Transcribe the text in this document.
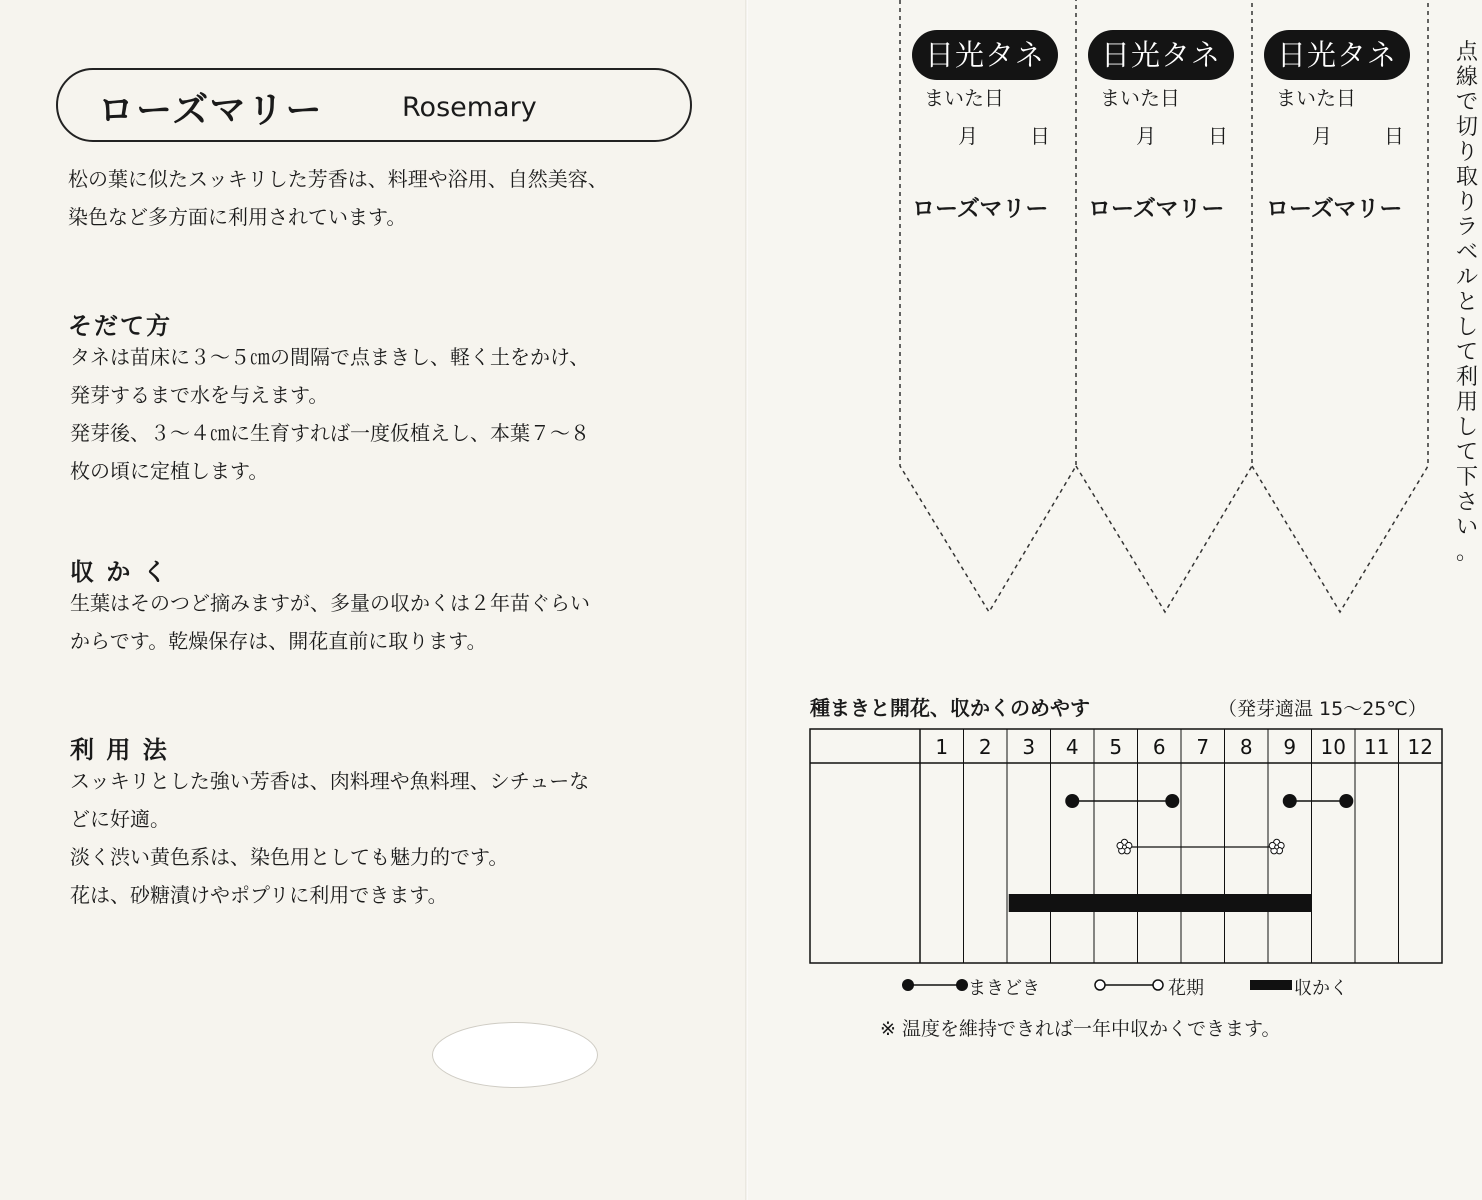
ローズマリー	Rosemary
松の葉に似たスッキリした芳香は、料理や浴用、自然美容、
染色など多方面に利用されています。
そだて方
タネは苗床に３～５㎝の間隔で点まきし、軽く土をかけ、
発芽するまで水を与えます。
発芽後、３～４㎝に生育すれば一度仮植えし、本葉７～８
枚の頃に定植します。
収 か く
生葉はそのつど摘みますが、多量の収かくは２年苗ぐらい
からです。乾燥保存は、開花直前に取ります。
利 用 法
スッキリとした強い芳香は、肉料理や魚料理、シチューな
どに好適。
淡く渋い黄色系は、染色用としても魅力的です。
花は、砂糖漬けやポプリに利用できます。
日光タネ
まいた日
月	日
ローズマリー
日光タネ
まいた日
月	日
ローズマリー
日光タネ
まいた日
月	日
ローズマリー
点
線
で
切
り
取
り
ラ
ベ
ル
と
し
て
利
用
し
て
下
さ
い
。
種まきと開花、収かくのめやす	（発芽適温 15～25℃）
1 2 3 4 5 6 7 8 9 10 11 12
まきどき	花期	収かく
※ 温度を維持できれば一年中収かくできます。
